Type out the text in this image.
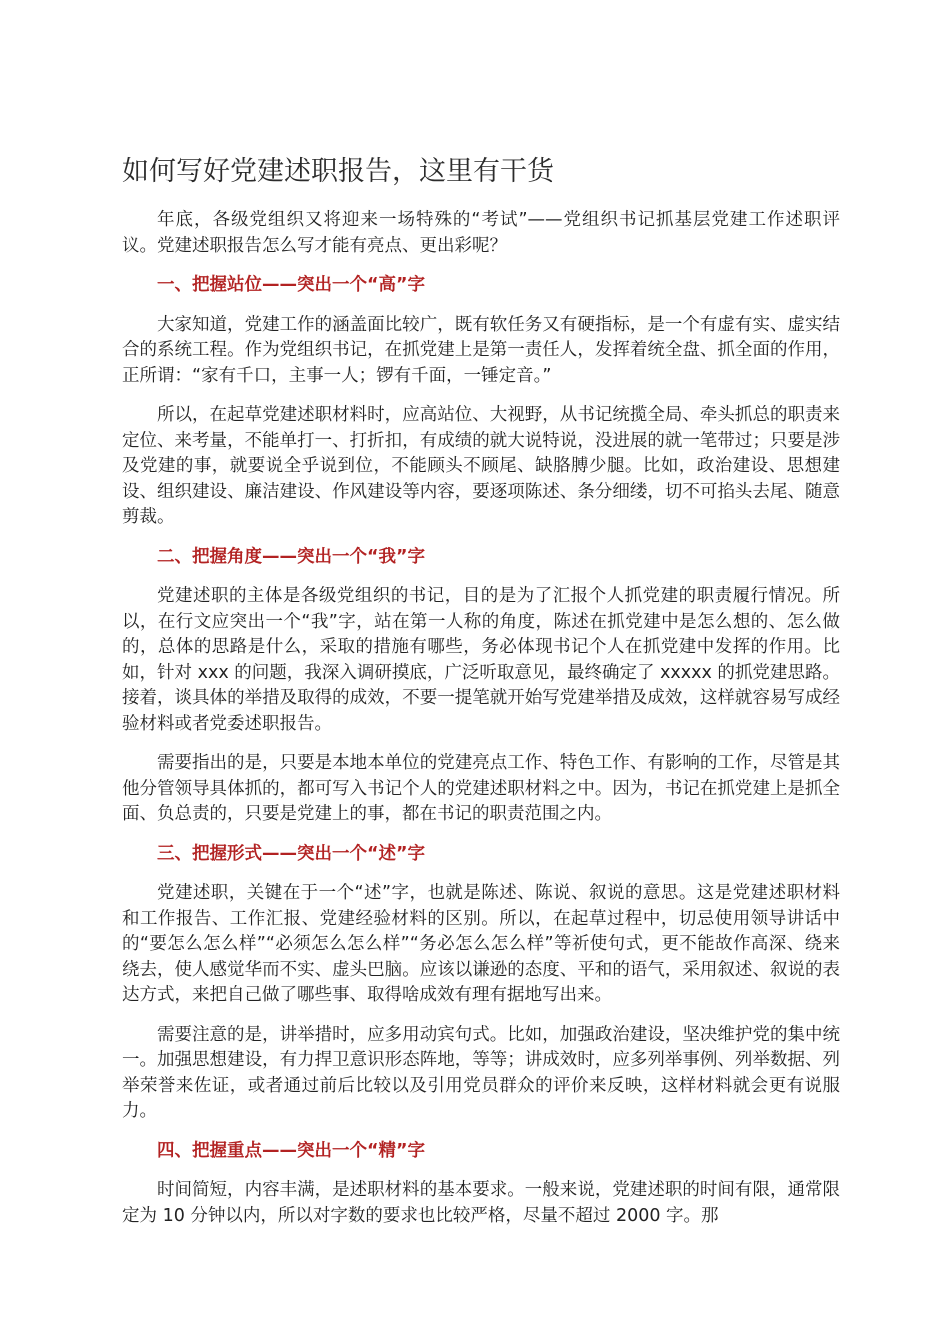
如何写好党建述职报告，这里有干货

年底，各级党组织又将迎来一场特殊的“考试”——党组织书记抓基层党建工作述职评议。党建述职报告怎么写才能有亮点、更出彩呢？

一、把握站位——突出一个“高”字

大家知道，党建工作的涵盖面比较广，既有软任务又有硬指标，是一个有虚有实、虚实结合的系统工程。作为党组织书记，在抓党建上是第一责任人，发挥着统全盘、抓全面的作用，正所谓：“家有千口，主事一人；锣有千面，一锤定音。”

所以，在起草党建述职材料时，应高站位、大视野，从书记统揽全局、牵头抓总的职责来定位、来考量，不能单打一、打折扣，有成绩的就大说特说，没进展的就一笔带过；只要是涉及党建的事，就要说全乎说到位，不能顾头不顾尾、缺胳膊少腿。比如，政治建设、思想建设、组织建设、廉洁建设、作风建设等内容，要逐项陈述、条分细缕，切不可掐头去尾、随意剪裁。

二、把握角度——突出一个“我”字

党建述职的主体是各级党组织的书记，目的是为了汇报个人抓党建的职责履行情况。所以，在行文应突出一个“我”字，站在第一人称的角度，陈述在抓党建中是怎么想的、怎么做的，总体的思路是什么，采取的措施有哪些，务必体现书记个人在抓党建中发挥的作用。比如，针对 xxx 的问题，我深入调研摸底，广泛听取意见，最终确定了 xxxxx 的抓党建思路。接着，谈具体的举措及取得的成效，不要一提笔就开始写党建举措及成效，这样就容易写成经验材料或者党委述职报告。

需要指出的是，只要是本地本单位的党建亮点工作、特色工作、有影响的工作，尽管是其他分管领导具体抓的，都可写入书记个人的党建述职材料之中。因为，书记在抓党建上是抓全面、负总责的，只要是党建上的事，都在书记的职责范围之内。

三、把握形式——突出一个“述”字

党建述职，关键在于一个“述”字，也就是陈述、陈说、叙说的意思。这是党建述职材料和工作报告、工作汇报、党建经验材料的区别。所以，在起草过程中，切忌使用领导讲话中的“要怎么怎么样”“必须怎么怎么样”“务必怎么怎么样”等祈使句式，更不能故作高深、绕来绕去，使人感觉华而不实、虚头巴脑。应该以谦逊的态度、平和的语气，采用叙述、叙说的表达方式，来把自己做了哪些事、取得啥成效有理有据地写出来。

需要注意的是，讲举措时，应多用动宾句式。比如，加强政治建设，坚决维护党的集中统一。加强思想建设，有力捍卫意识形态阵地，等等；讲成效时，应多列举事例、列举数据、列举荣誉来佐证，或者通过前后比较以及引用党员群众的评价来反映，这样材料就会更有说服力。

四、把握重点——突出一个“精”字

时间简短，内容丰满，是述职材料的基本要求。一般来说，党建述职的时间有限，通常限定为 10 分钟以内，所以对字数的要求也比较严格，尽量不超过 2000 字。那
